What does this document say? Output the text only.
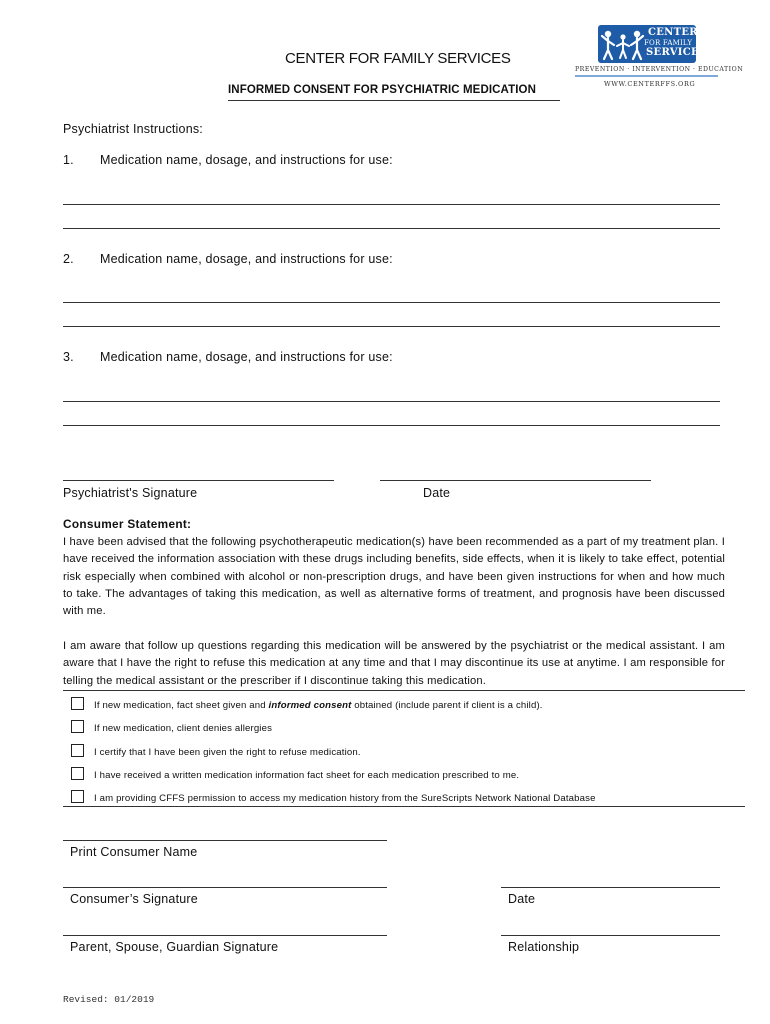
CENTER FOR FAMILY SERVICES
INFORMED CONSENT FOR PSYCHIATRIC MEDICATION
CENTER
FOR FAMILY
SERVICES
PREVENTION · INTERVENTION · EDUCATION
WWW.CENTERFFS.ORG
Psychiatrist Instructions:
1. Medication name, dosage, and instructions for use:
2. Medication name, dosage, and instructions for use:
3. Medication name, dosage, and instructions for use:
Psychiatrist's Signature	Date
Consumer Statement:
I have been advised that the following psychotherapeutic medication(s) have been recommended as a part of my treatment plan. I have received the information association with these drugs including benefits, side effects, when it is likely to take effect, potential risk especially when combined with alcohol or non-prescription drugs, and have been given instructions for when and how much to take. The advantages of taking this medication, as well as alternative forms of treatment, and prognosis have been discussed with me.
I am aware that follow up questions regarding this medication will be answered by the psychiatrist or the medical assistant. I am aware that I have the right to refuse this medication at any time and that I may discontinue its use at anytime. I am responsible for telling the medical assistant or the prescriber if I discontinue taking this medication.
If new medication, fact sheet given and informed consent obtained (include parent if client is a child).
If new medication, client denies allergies
I certify that I have been given the right to refuse medication.
I have received a written medication information fact sheet for each medication prescribed to me.
I am providing CFFS permission to access my medication history from the SureScripts Network National Database
Print Consumer Name
Consumer’s Signature	Date
Parent, Spouse, Guardian Signature	Relationship
Revised: 01/2019
